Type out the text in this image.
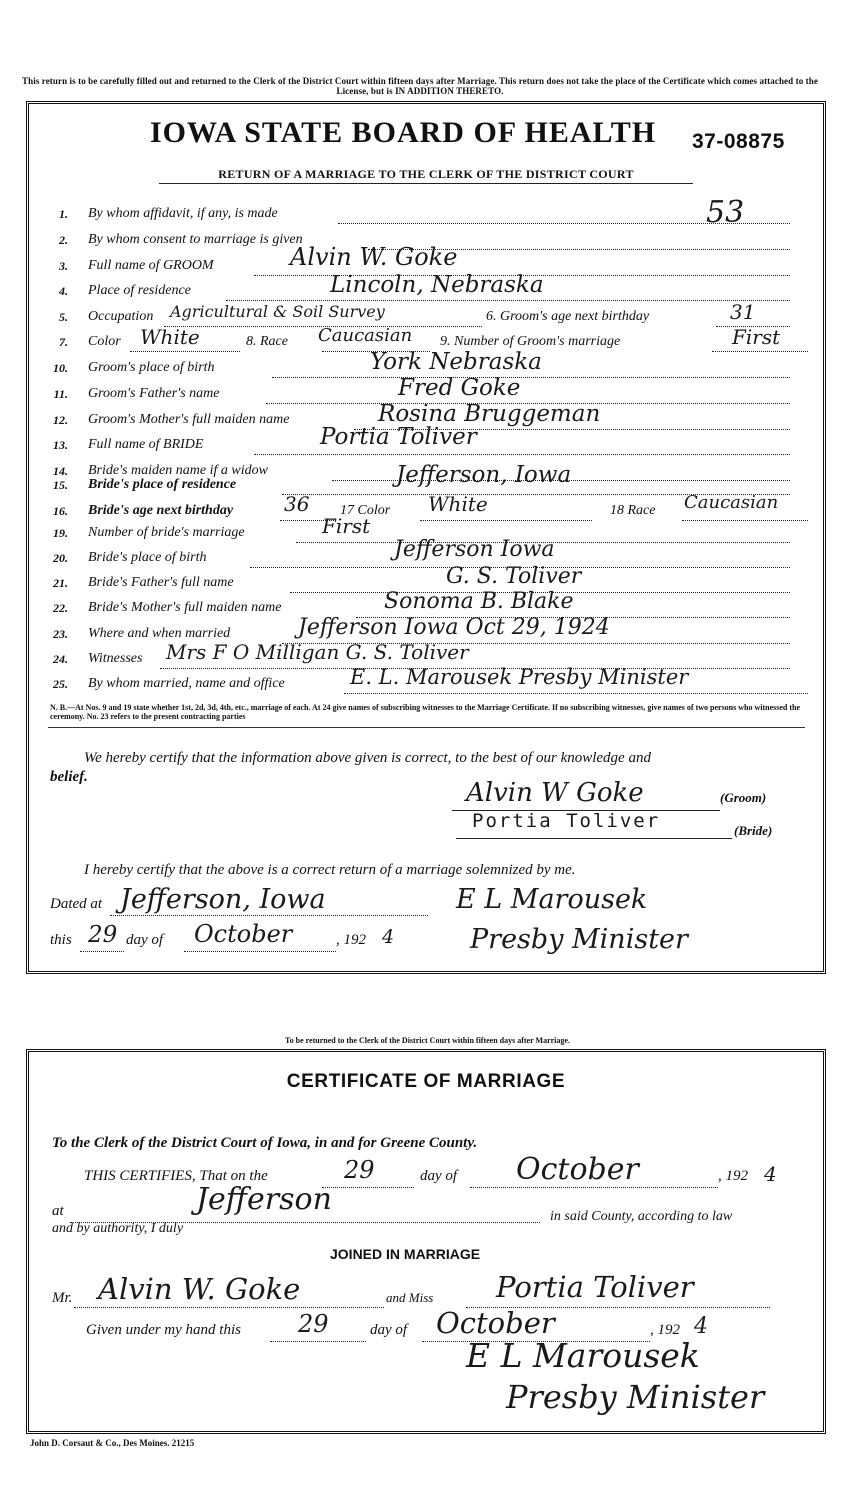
This return is to be carefully filled out and returned to the Clerk of the District Court within fifteen days after Marriage. This return does not take the place of the Certificate which comes attached to the License, but is IN ADDITION THERETO.
IOWA STATE BOARD OF HEALTH 37-08875
RETURN OF A MARRIAGE TO THE CLERK OF THE DISTRICT COURT
1. By whom affidavit, if any, is made	53
2. By whom consent to marriage is given
3. Full name of GROOM	Alvin W. Goke
4. Place of residence	Lincoln, Nebraska
5. Occupation Agricultural & Soil Survey	6. Groom's age next birthday	31
7. Color White	8. Race Caucasian 9. Number of Groom's marriage	First
10. Groom's place of birth	York Nebraska
11. Groom's Father's name	Fred Goke
12. Groom's Mother's full maiden name	Rosina Bruggeman
13. Full name of BRIDE	Portia Toliver
14. Bride's maiden name if a widow
15. Bride's place of residence	Jefferson, Iowa
16. Bride's age next birthday	36 17 Color White	18 Race Caucasian
19. Number of bride's marriage	First
20. Bride's place of birth	Jefferson Iowa
21. Bride's Father's full name	G. S. Toliver
22. Bride's Mother's full maiden name	Sonoma B. Blake
23. Where and when married	Jefferson Iowa Oct 29, 1924
24. Witnesses Mrs F O Milligan G. S. Toliver
25. By whom married, name and office	E. L. Marousek Presby Minister
N. B.—At Nos. 9 and 19 state whether 1st, 2d, 3d, 4th, etc., marriage of each. At 24 give names of subscribing witnesses to the Marriage Certificate. If no subscribing witnesses, give names of two persons who witnessed the ceremony. No. 23 refers to the present contracting parties
We hereby certify that the information above given is correct, to the best of our knowledge and
belief.
Alvin W Goke	(Groom)
Portia Toliver	(Bride)
I hereby certify that the above is a correct return of a marriage solemnized by me.
Dated at Jefferson, Iowa	E L Marousek
this 29 day of October	, 192 4	Presby Minister
To be returned to the Clerk of the District Court within fifteen days after Marriage.
CERTIFICATE OF MARRIAGE
To the Clerk of the District Court of Iowa, in and for Greene County.
THIS CERTIFIES, That on the	29	day of October	, 192 4
at	Jefferson	in said County, according to law
and by authority, I duly
JOINED IN MARRIAGE
Mr. Alvin W. Goke	and Miss Portia Toliver
Given under my hand this 29	day of October	, 192 4
E L Marousek
Presby Minister
John D. Corsaut & Co., Des Moines. 21215
